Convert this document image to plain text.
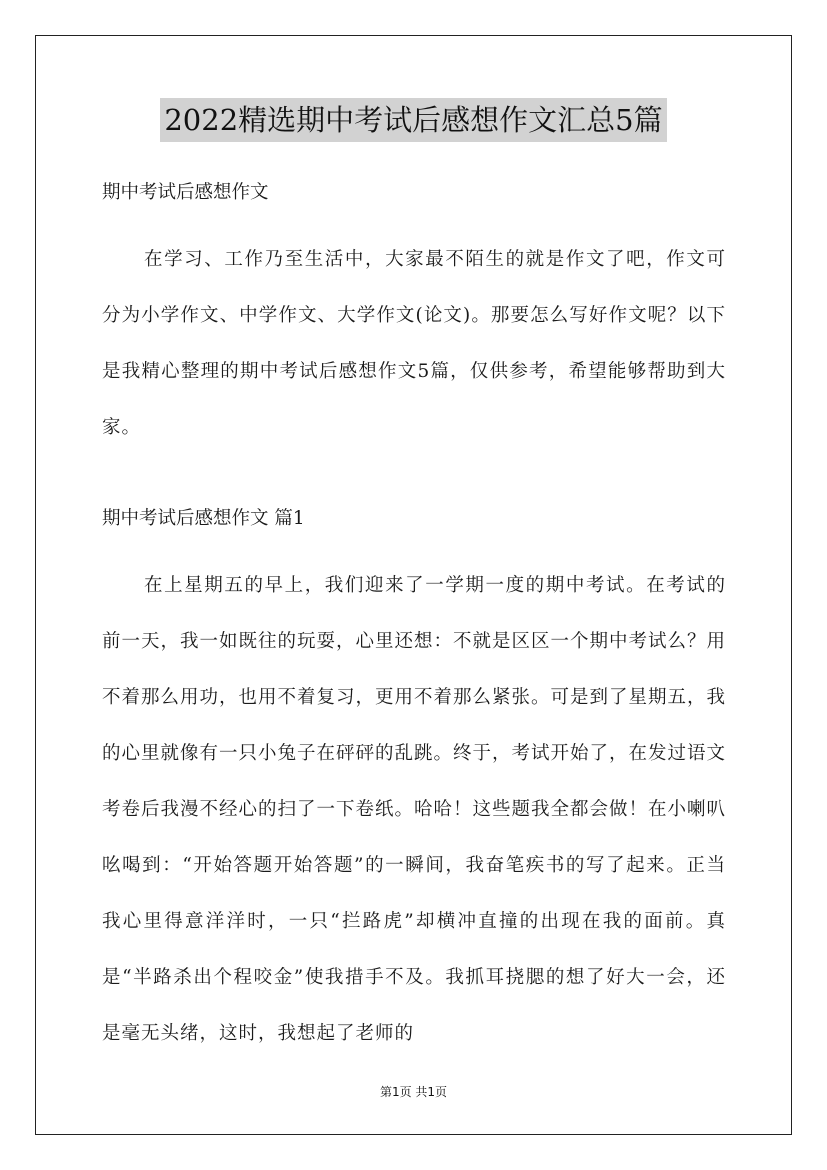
2022精选期中考试后感想作文汇总5篇
期中考试后感想作文
在学习、工作乃至生活中，大家最不陌生的就是作文了吧，作文可分为小学作文、中学作文、大学作文(论文)。那要怎么写好作文呢？以下是我精心整理的期中考试后感想作文5篇，仅供参考，希望能够帮助到大家。
期中考试后感想作文 篇1
在上星期五的早上，我们迎来了一学期一度的期中考试。在考试的前一天，我一如既往的玩耍，心里还想：不就是区区一个期中考试么？用不着那么用功，也用不着复习，更用不着那么紧张。可是到了星期五，我的心里就像有一只小兔子在砰砰的乱跳。终于，考试开始了，在发过语文考卷后我漫不经心的扫了一下卷纸。哈哈！这些题我全都会做！在小喇叭吆喝到：“开始答题开始答题”的一瞬间，我奋笔疾书的写了起来。正当我心里得意洋洋时，一只“拦路虎”却横冲直撞的出现在我的面前。真是“半路杀出个程咬金”使我措手不及。我抓耳挠腮的想了好大一会，还是毫无头绪，这时，我想起了老师的
第1页 共1页
